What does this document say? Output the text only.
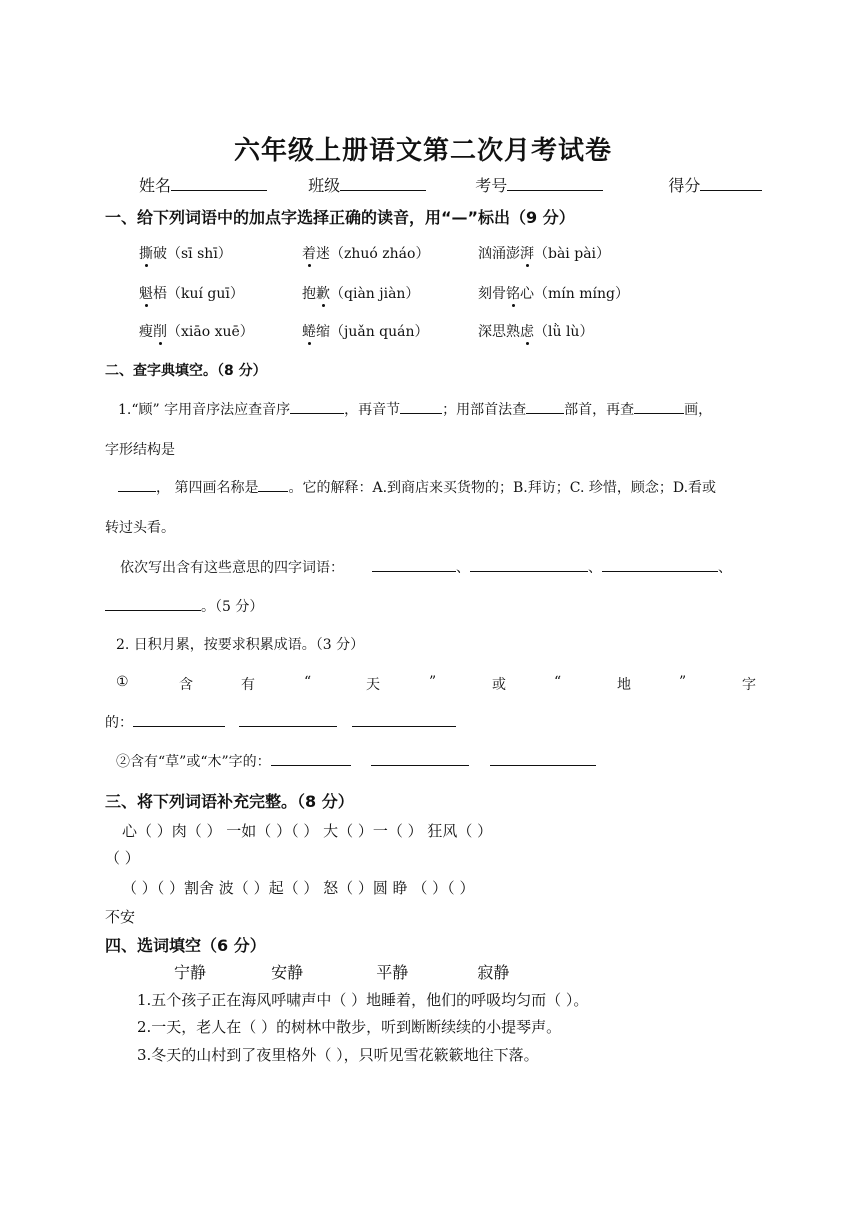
六年级上册语文第二次月考试卷
姓名	班级	考号	得分
一、给下列词语中的加点字选择正确的读音，用“—”标出（9 分）
撕破（sī shī）	着迷（zhuó zháo）	汹涌澎湃（bài pài）
魁梧（kuí guī）	抱歉（qiàn jiàn）	刻骨铭心（mín míng）
瘦削（xiāo xuē）	蜷缩（juǎn quán）	深思熟虑（lǜ lù）
二、查字典填空。（8 分）
1.“顾” 字用音序法应查音序	，再音节	；用部首法查	部首，再查	画，
字形结构是
， 第四画名称是 。它的解释：A.到商店来买货物的；B.拜访；C. 珍惜，顾念；D.看或
转过头看。
依次写出含有这些意思的四字词语：	、	、	、
。（5 分）
2. 日积月累，按要求积累成语。（3 分）
①	含	有	“	天	”	或	“	地	”	字
的：
②含有“草”或“木”字的：
三、将下列词语补充完整。（8 分）
心（ ）肉（ ） 一如（ ）（ ） 大（ ）一（ ） 狂风（ ）
（ ）
（ ）（ ）割舍 波（ ）起（ ） 怒（ ）圆 睁 （ ）（ ）
不安
四、选词填空（6 分）
宁静	安静	平静	寂静
1.五个孩子正在海风呼啸声中（ ）地睡着，他们的呼吸均匀而（ ）。
2.一天，老人在（ ）的树林中散步，听到断断续续的小提琴声。
3.冬天的山村到了夜里格外（ ），只听见雪花簌簌地往下落。
